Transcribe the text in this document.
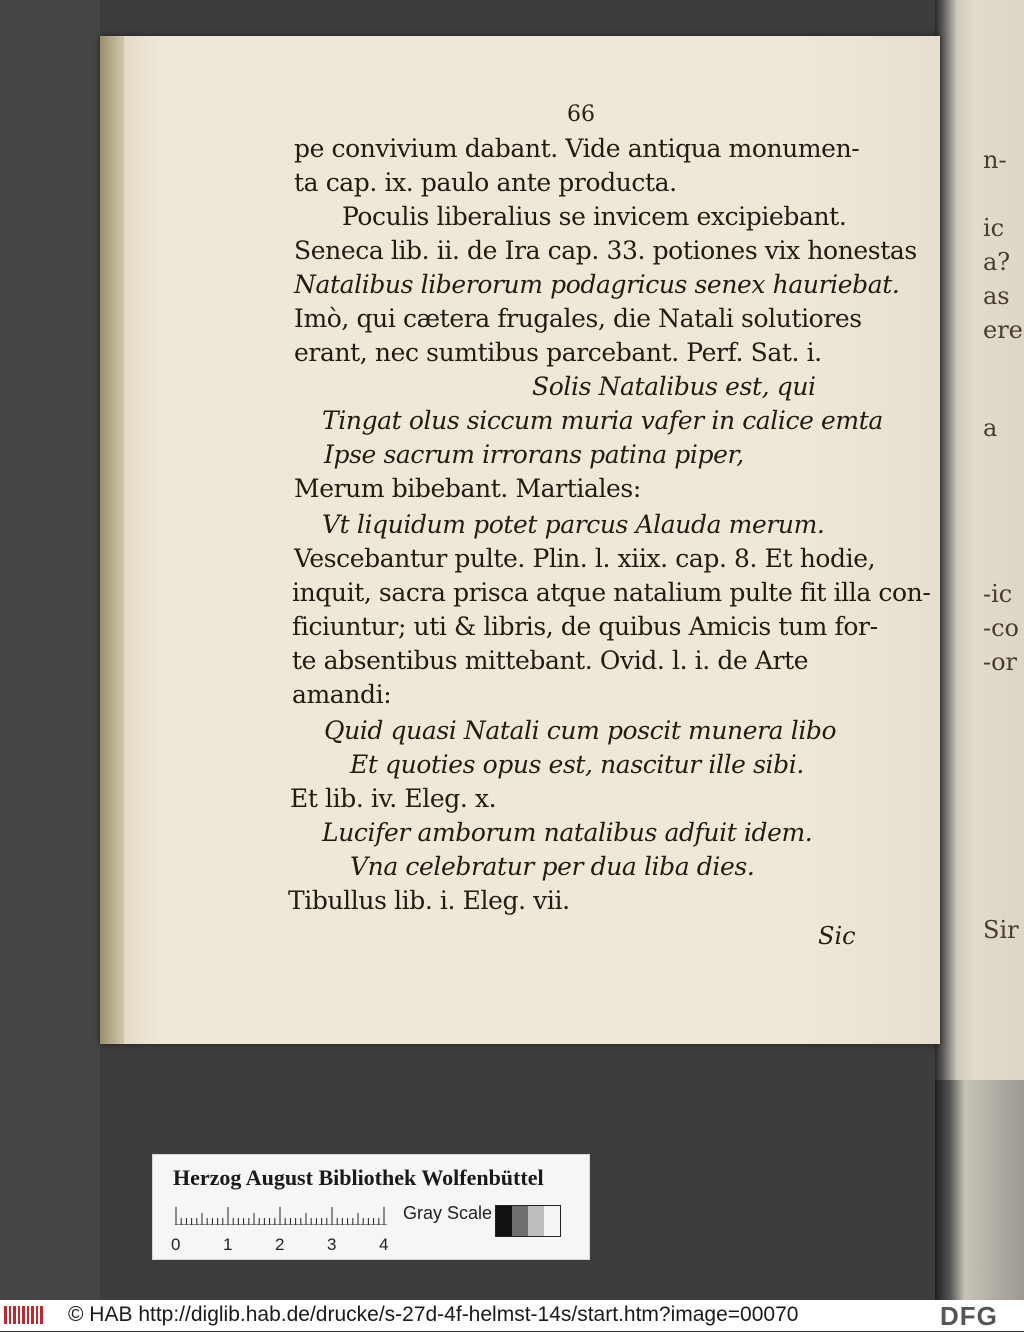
n-
ic
a?
as
ere
a
-ic
-co
-or
Sir
66
pe convivium dabant. Vide antiqua monumen-
ta cap. ix. paulo ante producta.
Poculis liberalius se invicem excipiebant.
Seneca lib. ii. de Ira cap. 33. potiones vix honestas
Natalibus liberorum podagricus senex hauriebat.
Imò, qui cætera frugales, die Natali solutiores
erant, nec sumtibus parcebant. Perf. Sat. i.
Solis Natalibus est, qui
Tingat olus siccum muria vafer in calice emta
Ipse sacrum irrorans patina piper,
Merum bibebant. Martiales:
Vt liquidum potet parcus Alauda merum.
Vescebantur pulte. Plin. l. xiix. cap. 8. Et hodie,
inquit, sacra prisca atque natalium pulte fit illa con-
ficiuntur; uti & libris, de quibus Amicis tum for-
te absentibus mittebant. Ovid. l. i. de Arte
amandi:
Quid quasi Natali cum poscit munera libo
Et quoties opus est, nascitur ille sibi.
Et lib. iv. Eleg. x.
Lucifer amborum natalibus adfuit idem.
Vna celebratur per dua liba dies.
Tibullus lib. i. Eleg. vii.
Sic
Herzog August Bibliothek Wolfenbüttel
Gray Scale
0	1	2	3	4
© HAB http://diglib.hab.de/drucke/s-27d-4f-helmst-14s/start.htm?image=00070	DFG
